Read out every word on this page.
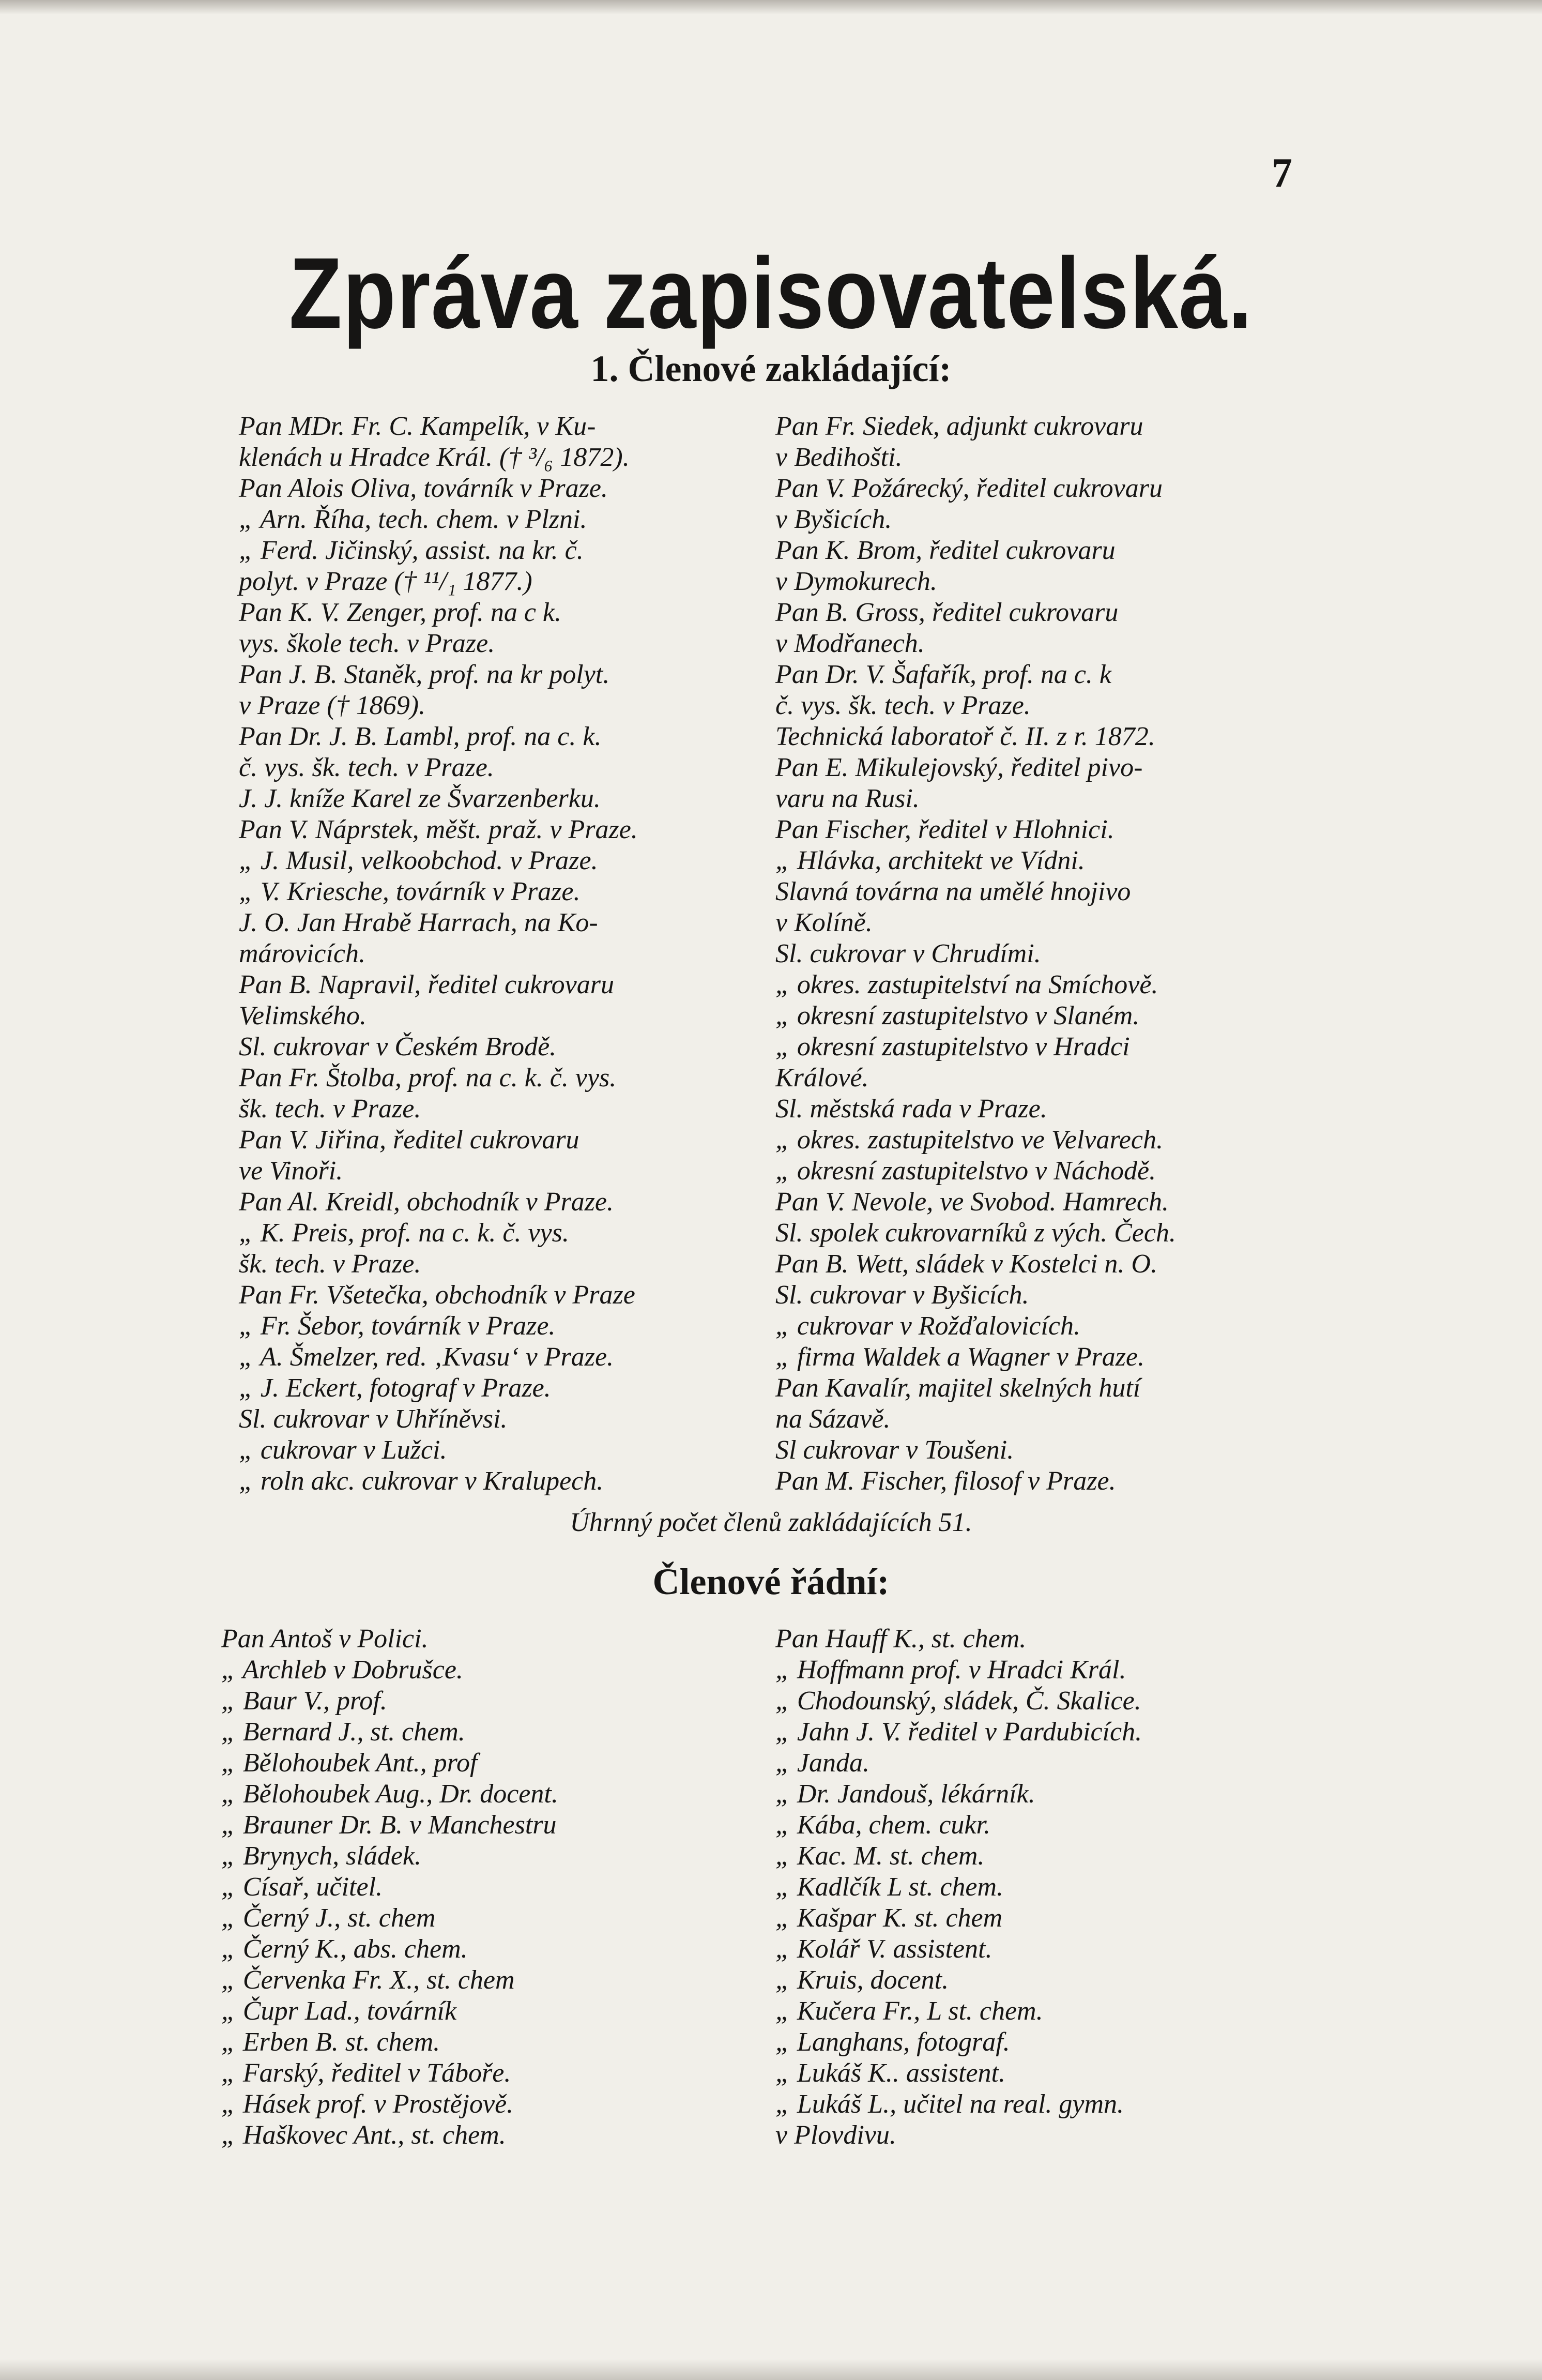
7
Zpráva zapisovatelská.
1. Členové zakládající:
Pan MDr. Fr. C. Kampelík, v Ku-
klenách u Hradce Král. († ³/₆ 1872).
Pan Alois Oliva, továrník v Praze.
„ Arn. Říha, tech. chem. v Plzni.
„ Ferd. Jičinský, assist. na kr. č.
polyt. v Praze († ¹¹/₁ 1877.)
Pan K. V. Zenger, prof. na c k.
vys. škole tech. v Praze.
Pan J. B. Staněk, prof. na kr polyt.
v Praze († 1869).
Pan Dr. J. B. Lambl, prof. na c. k.
č. vys. šk. tech. v Praze.
J. J. kníže Karel ze Švarzenberku.
Pan V. Náprstek, měšt. praž. v Praze.
„ J. Musil, velkoobchod. v Praze.
„ V. Kriesche, továrník v Praze.
J. O. Jan Hrabě Harrach, na Ko-
márovicích.
Pan B. Napravil, ředitel cukrovaru
Velimského.
Sl. cukrovar v Českém Brodě.
Pan Fr. Štolba, prof. na c. k. č. vys.
šk. tech. v Praze.
Pan V. Jiřina, ředitel cukrovaru
ve Vinoři.
Pan Al. Kreidl, obchodník v Praze.
„ K. Preis, prof. na c. k. č. vys.
šk. tech. v Praze.
Pan Fr. Všetečka, obchodník v Praze
„ Fr. Šebor, továrník v Praze.
„ A. Šmelzer, red. ‚Kvasu‘ v Praze.
„ J. Eckert, fotograf v Praze.
Sl. cukrovar v Uhříněvsi.
„ cukrovar v Lužci.
„ roln akc. cukrovar v Kralupech.
Pan Fr. Siedek, adjunkt cukrovaru
v Bedihošti.
Pan V. Požárecký, ředitel cukrovaru
v Byšicích.
Pan K. Brom, ředitel cukrovaru
v Dymokurech.
Pan B. Gross, ředitel cukrovaru
v Modřanech.
Pan Dr. V. Šafařík, prof. na c. k
č. vys. šk. tech. v Praze.
Technická laboratoř č. II. z r. 1872.
Pan E. Mikulejovský, ředitel pivo-
varu na Rusi.
Pan Fischer, ředitel v Hlohnici.
„ Hlávka, architekt ve Vídni.
Slavná továrna na umělé hnojivo
v Kolíně.
Sl. cukrovar v Chrudími.
„ okres. zastupitelství na Smíchově.
„ okresní zastupitelstvo v Slaném.
„ okresní zastupitelstvo v Hradci
Králové.
Sl. městská rada v Praze.
„ okres. zastupitelstvo ve Velvarech.
„ okresní zastupitelstvo v Náchodě.
Pan V. Nevole, ve Svobod. Hamrech.
Sl. spolek cukrovarníků z vých. Čech.
Pan B. Wett, sládek v Kostelci n. O.
Sl. cukrovar v Byšicích.
„ cukrovar v Rožďalovicích.
„ firma Waldek a Wagner v Praze.
Pan Kavalír, majitel skelných hutí
na Sázavě.
Sl cukrovar v Toušeni.
Pan M. Fischer, filosof v Praze.
Úhrnný počet členů zakládajících 51.
Členové řádní:
Pan Antoš v Polici.
„ Archleb v Dobrušce.
„ Baur V., prof.
„ Bernard J., st. chem.
„ Bělohoubek Ant., prof
„ Bělohoubek Aug., Dr. docent.
„ Brauner Dr. B. v Manchestru
„ Brynych, sládek.
„ Císař, učitel.
„ Černý J., st. chem
„ Černý K., abs. chem.
„ Červenka Fr. X., st. chem
„ Čupr Lad., továrník
„ Erben B. st. chem.
„ Farský, ředitel v Táboře.
„ Hásek prof. v Prostějově.
„ Haškovec Ant., st. chem.
Pan Hauff K., st. chem.
„ Hoffmann prof. v Hradci Král.
„ Chodounský, sládek, Č. Skalice.
„ Jahn J. V. ředitel v Pardubicích.
„ Janda.
„ Dr. Jandouš, lékárník.
„ Kába, chem. cukr.
„ Kac. M. st. chem.
„ Kadlčík L st. chem.
„ Kašpar K. st. chem
„ Kolář V. assistent.
„ Kruis, docent.
„ Kučera Fr., L st. chem.
„ Langhans, fotograf.
„ Lukáš K.. assistent.
„ Lukáš L., učitel na real. gymn.
v Plovdivu.
